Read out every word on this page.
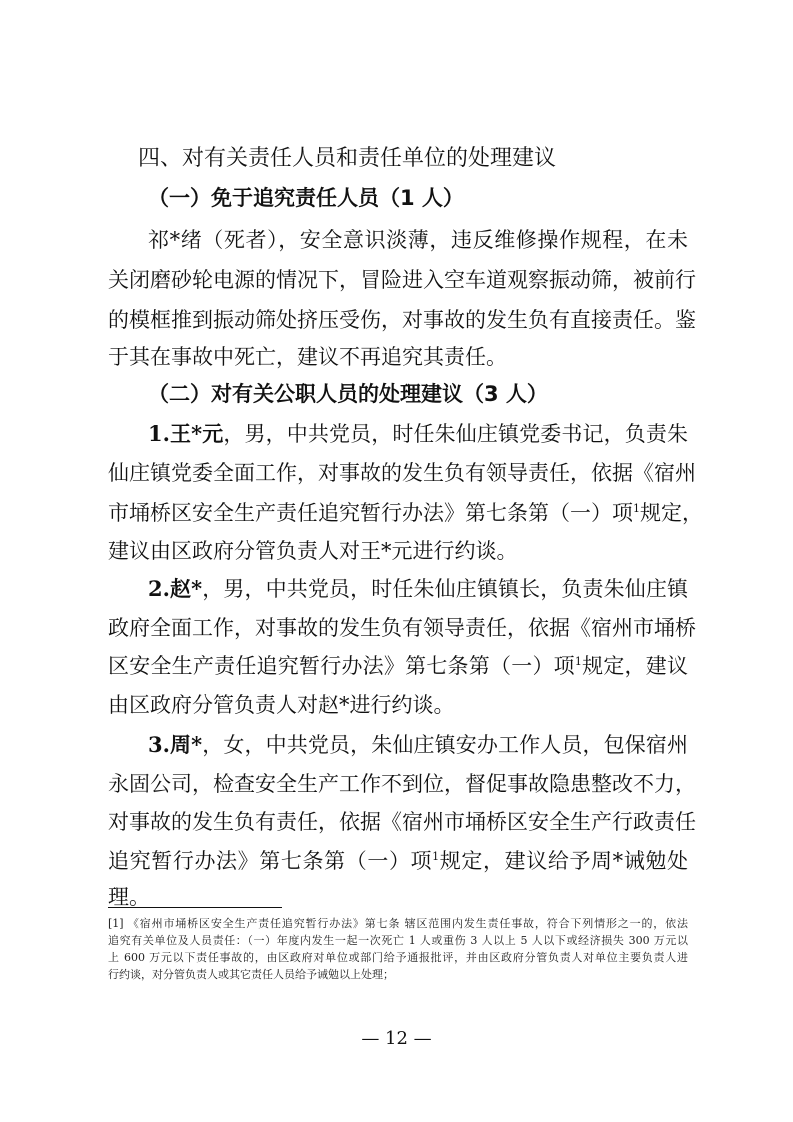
四、对有关责任人员和责任单位的处理建议
（一）免于追究责任人员（1 人）
祁*绪（死者），安全意识淡薄，违反维修操作规程，在未
关闭磨砂轮电源的情况下，冒险进入空车道观察振动筛，被前行
的模框推到振动筛处挤压受伤，对事故的发生负有直接责任。鉴
于其在事故中死亡，建议不再追究其责任。
（二）对有关公职人员的处理建议（3 人）
1.王*元，男，中共党员，时任朱仙庄镇党委书记，负责朱
仙庄镇党委全面工作，对事故的发生负有领导责任，依据《宿州
市埇桥区安全生产责任追究暂行办法》第七条第（一）项$^1$规定，
建议由区政府分管负责人对王*元进行约谈。
2.赵*，男，中共党员，时任朱仙庄镇镇长，负责朱仙庄镇
政府全面工作，对事故的发生负有领导责任，依据《宿州市埇桥
区安全生产责任追究暂行办法》第七条第（一）项$^1$规定，建议
由区政府分管负责人对赵*进行约谈。
3.周*，女，中共党员，朱仙庄镇安办工作人员，包保宿州
永固公司，检查安全生产工作不到位，督促事故隐患整改不力，
对事故的发生负有责任，依据《宿州市埇桥区安全生产行政责任
追究暂行办法》第七条第（一）项$^1$规定，建议给予周*诫勉处
理。
[1] 《宿州市埇桥区安全生产责任追究暂行办法》第七条 辖区范围内发生责任事故，符合下列情形之一的，依法
追究有关单位及人员责任：（一）年度内发生一起一次死亡 1 人或重伤 3 人以上 5 人以下或经济损失 300 万元以
上 600 万元以下责任事故的，由区政府对单位或部门给予通报批评，并由区政府分管负责人对单位主要负责人进
行约谈，对分管负责人或其它责任人员给予诫勉以上处理；
— 12 —
